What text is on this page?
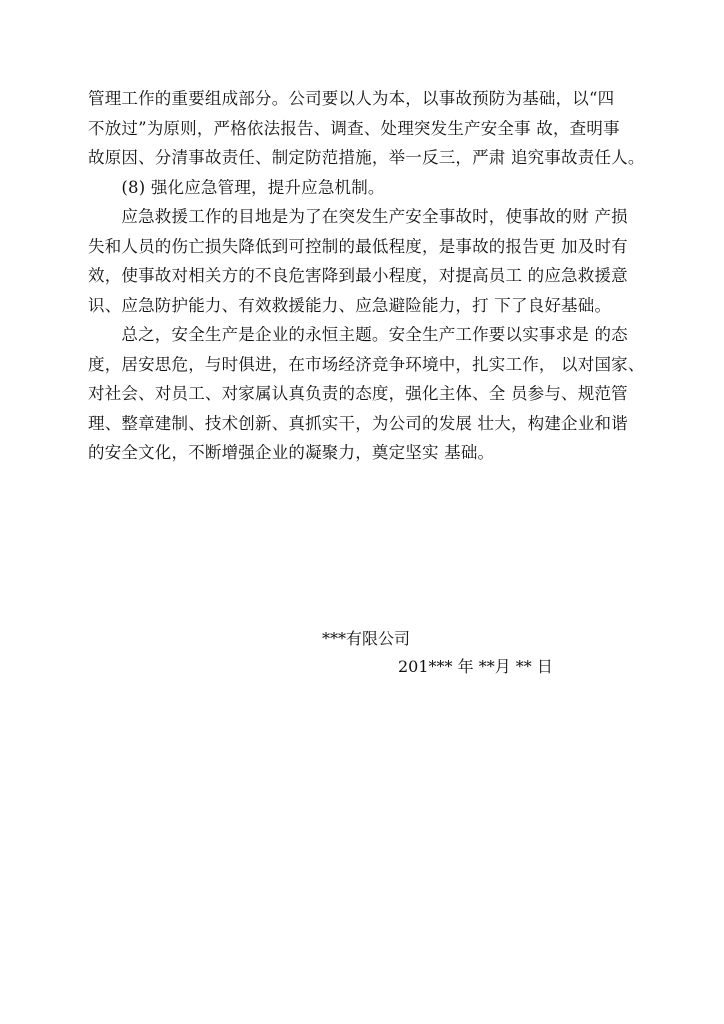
管理工作的重要组成部分。公司要以人为本，以事故预防为基础，以“四
不放过”为原则，严格依法报告、调查、处理突发生产安全事 故，查明事
故原因、分清事故责任、制定防范措施，举一反三，严肃 追究事故责任人。
　　(8) 强化应急管理，提升应急机制。
　　应急救援工作的目地是为了在突发生产安全事故时，使事故的财 产损
失和人员的伤亡损失降低到可控制的最低程度，是事故的报告更 加及时有
效，使事故对相关方的不良危害降到最小程度，对提高员工 的应急救援意
识、应急防护能力、有效救援能力、应急避险能力，打 下了良好基础。
　　总之，安全生产是企业的永恒主题。安全生产工作要以实事求是 的态
度，居安思危，与时俱进，在市场经济竞争环境中，扎实工作， 以对国家、
对社会、对员工、对家属认真负责的态度，强化主体、全 员参与、规范管
理、整章建制、技术创新、真抓实干，为公司的发展 壮大，构建企业和谐
的安全文化，不断增强企业的凝聚力，奠定坚实 基础。
***有限公司
201*** 年 **月 ** 日
